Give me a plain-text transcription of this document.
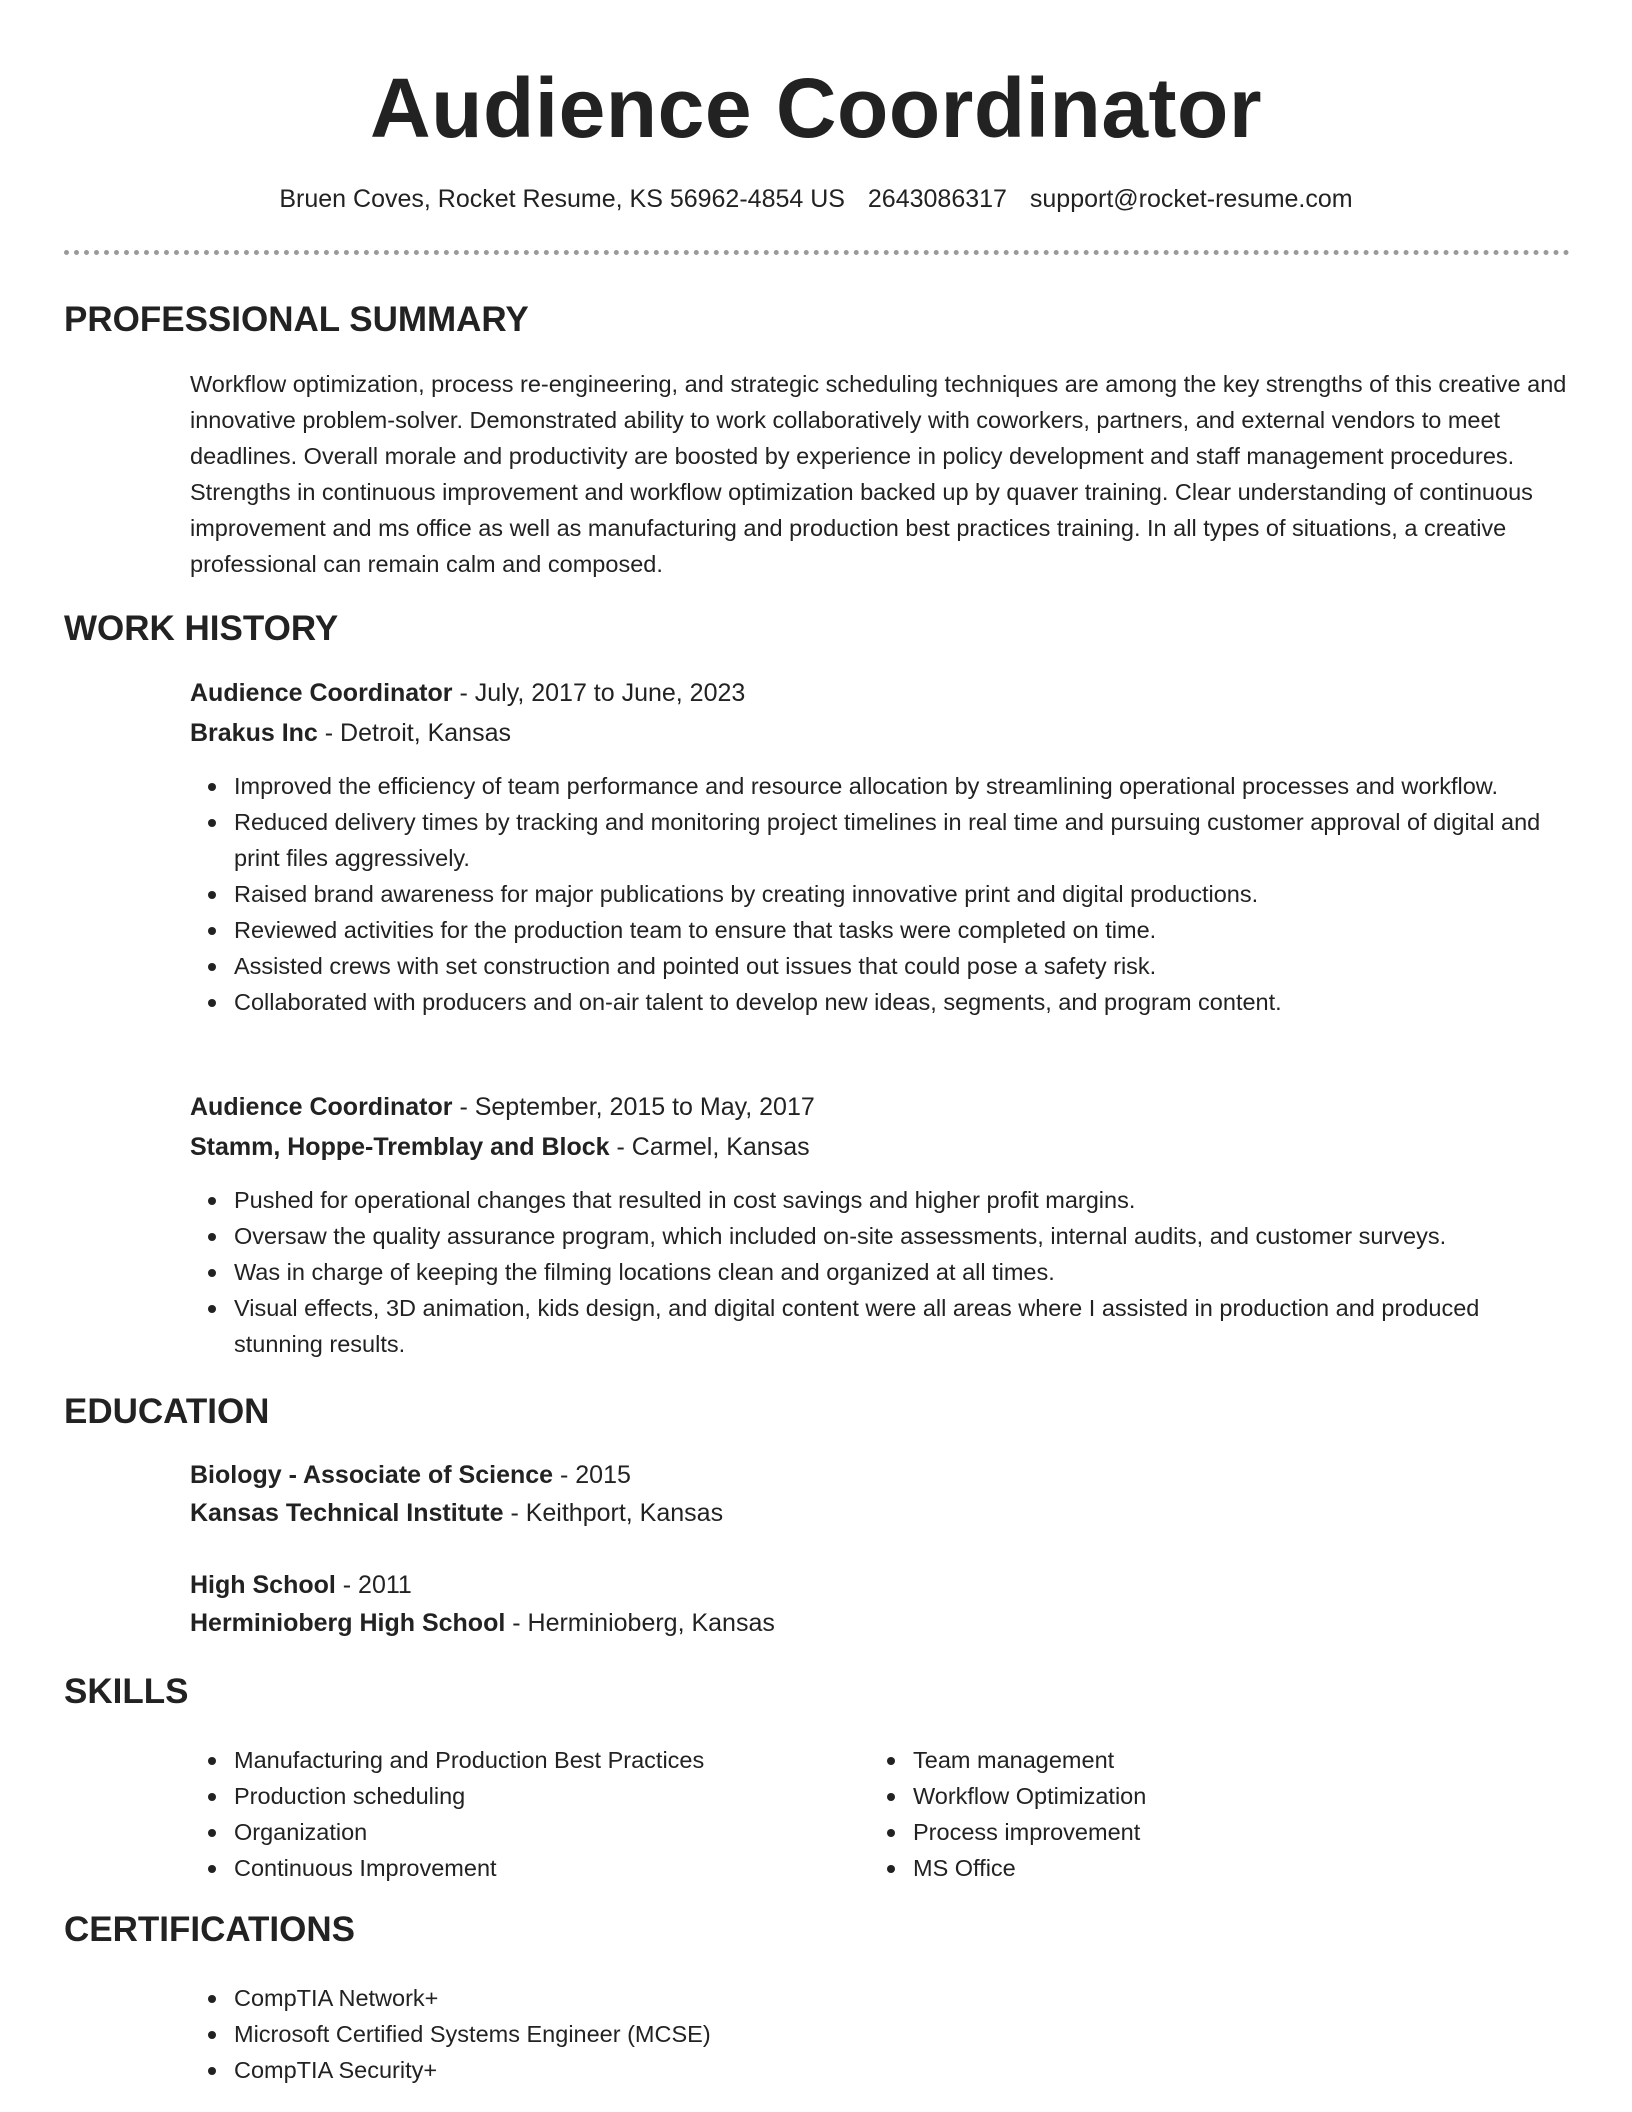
Audience Coordinator
Bruen Coves, Rocket Resume, KS 56962-4854 US 2643086317 support@rocket-resume.com
PROFESSIONAL SUMMARY
Workflow optimization, process re-engineering, and strategic scheduling techniques are among the key strengths of this creative and innovative problem-solver. Demonstrated ability to work collaboratively with coworkers, partners, and external vendors to meet deadlines. Overall morale and productivity are boosted by experience in policy development and staff management procedures. Strengths in continuous improvement and workflow optimization backed up by quaver training. Clear understanding of continuous improvement and ms office as well as manufacturing and production best practices training. In all types of situations, a creative professional can remain calm and composed.
WORK HISTORY
Audience Coordinator - July, 2017 to June, 2023
Brakus Inc - Detroit, Kansas
Improved the efficiency of team performance and resource allocation by streamlining operational processes and workflow.
Reduced delivery times by tracking and monitoring project timelines in real time and pursuing customer approval of digital and print files aggressively.
Raised brand awareness for major publications by creating innovative print and digital productions.
Reviewed activities for the production team to ensure that tasks were completed on time.
Assisted crews with set construction and pointed out issues that could pose a safety risk.
Collaborated with producers and on-air talent to develop new ideas, segments, and program content.
Audience Coordinator - September, 2015 to May, 2017
Stamm, Hoppe-Tremblay and Block - Carmel, Kansas
Pushed for operational changes that resulted in cost savings and higher profit margins.
Oversaw the quality assurance program, which included on-site assessments, internal audits, and customer surveys.
Was in charge of keeping the filming locations clean and organized at all times.
Visual effects, 3D animation, kids design, and digital content were all areas where I assisted in production and produced stunning results.
EDUCATION
Biology - Associate of Science - 2015
Kansas Technical Institute - Keithport, Kansas
High School - 2011
Herminioberg High School - Herminioberg, Kansas
SKILLS
Manufacturing and Production Best Practices
Production scheduling
Organization
Continuous Improvement
Team management
Workflow Optimization
Process improvement
MS Office
CERTIFICATIONS
CompTIA Network+
Microsoft Certified Systems Engineer (MCSE)
CompTIA Security+
